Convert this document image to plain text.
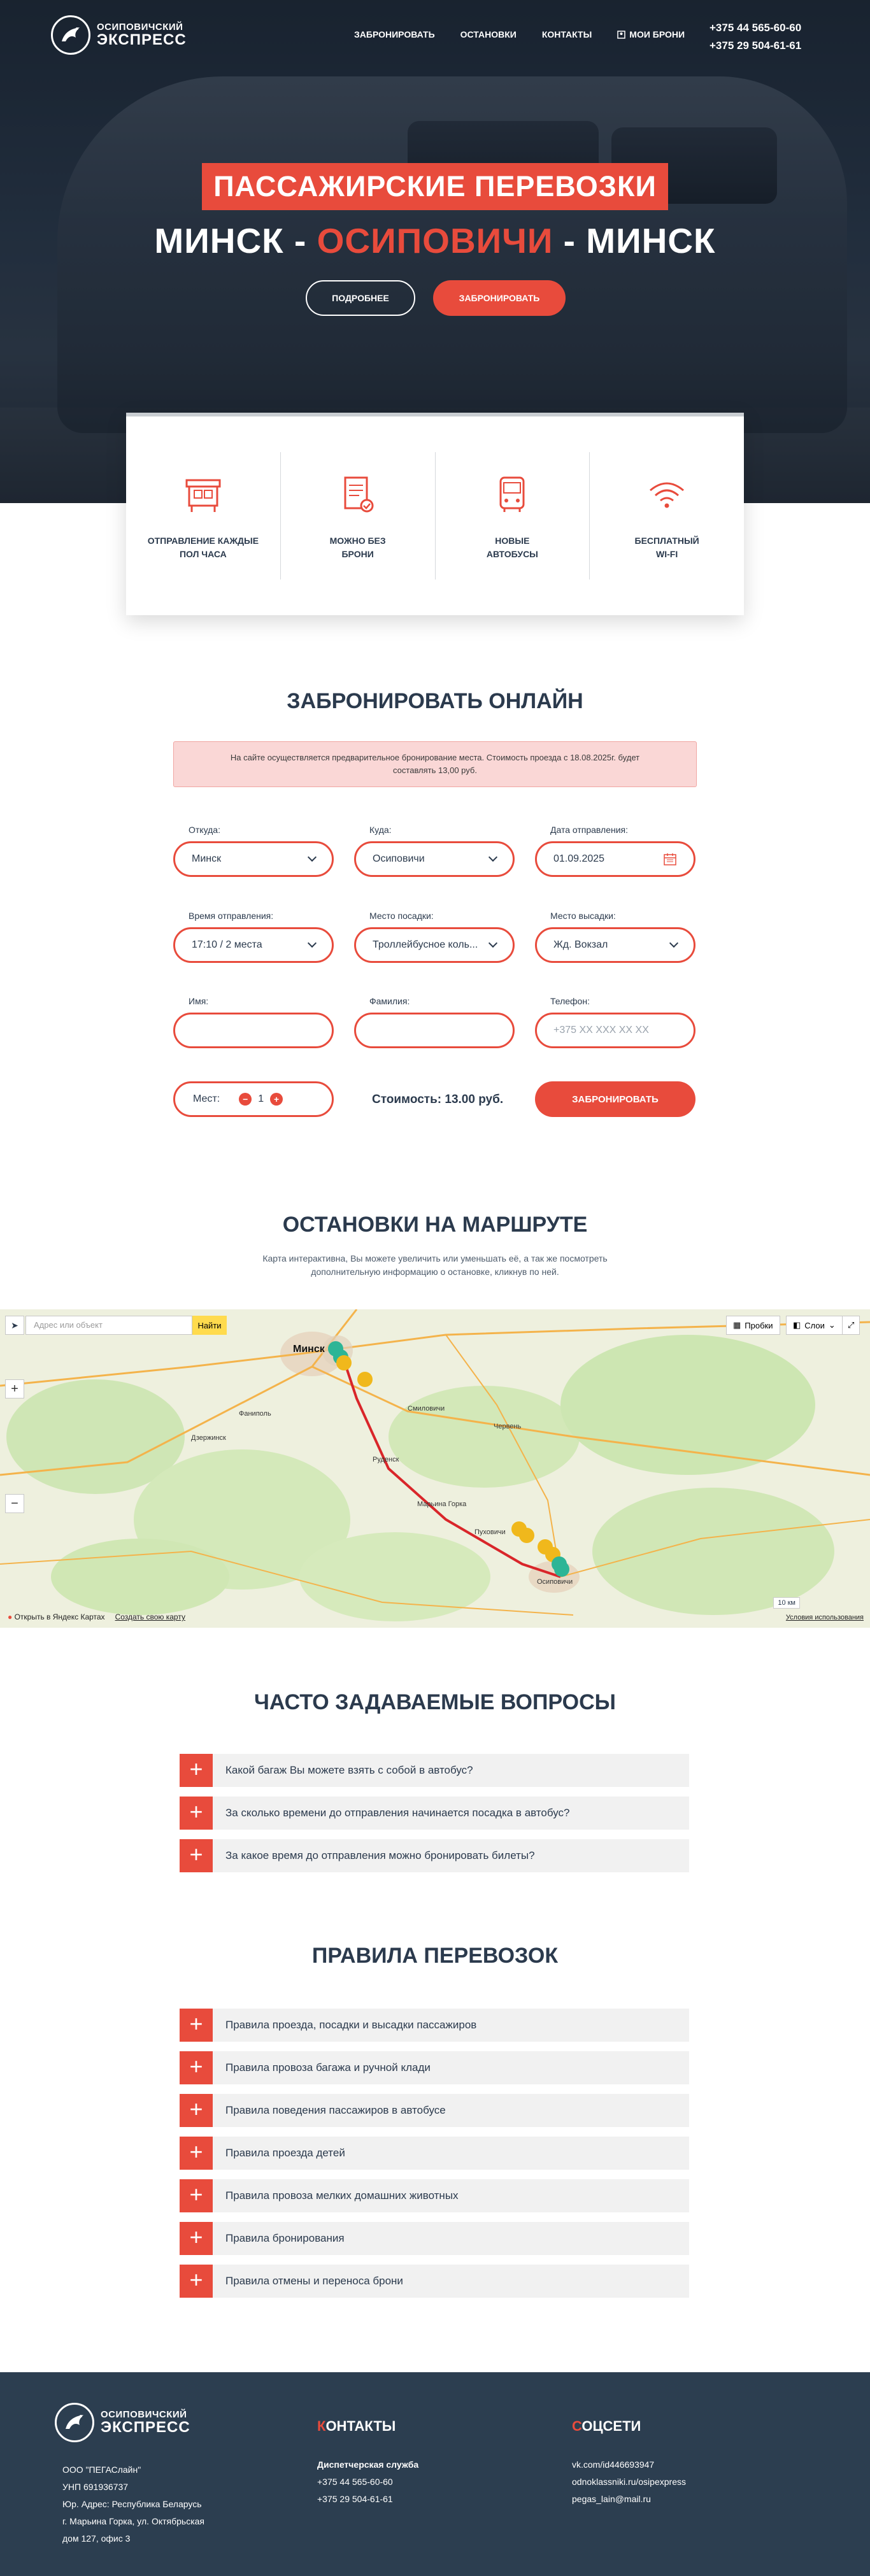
ОСИПОВИЧСКИЙ
ЭКСПРЕСС	ЗАБРОНИРОВАТЬ	ОСТАНОВКИ	КОНТАКТЫ	МОИ БРОНИ
+375 44 565-60-60
+375 29 504-61-61
ПАССАЖИРСКИЕ ПЕРЕВОЗКИ
МИНСК - ОСИПОВИЧИ - МИНСК
ПОДРОБНЕЕ	ЗАБРОНИРОВАТЬ
ОТПРАВЛЕНИЕ КАЖДЫЕ
ПОЛ ЧАСА
МОЖНО БЕЗ
БРОНИ
НОВЫЕ
АВТОБУСЫ
БЕСПЛАТНЫЙ
WI-FI
ЗАБРОНИРОВАТЬ ОНЛАЙН
На сайте осуществляется предварительное бронирование места. Стоимость проезда с 18.08.2025г. будет составлять 13,00 руб.
Откуда:
Минск
Куда:
Осиповичи
Дата отправления:
01.09.2025
Время отправления:
17:10 / 2 места
Место посадки:
Троллейбусное коль...
Место высадки:
Жд. Вокзал
Имя:	Фамилия:	Телефон:
+375 XX XXX XX XX
Мест:	− 1	+	Стоимость: 13.00 руб.	ЗАБРОНИРОВАТЬ
ОСТАНОВКИ НА МАРШРУТЕ
Карта интерактивна, Вы можете увеличить или уменьшать её, а так же посмотреть
дополнительную информацию о остановке, кликнув по ней.
Минск
Осиповичи
Марьина Горка
Смиловичи
Фаниполь
Дзержинск
Червень
Руденск
Пуховичи
➤	Адрес или объект	Найти	▦ Пробки ◧ Слои ⌄	⤢
+
−
● Открыть в Яндекс Картах Создать свою карту
10 км
Условия использования
ЧАСТО ЗАДАВАЕМЫЕ ВОПРОСЫ
+ Какой багаж Вы можете взять с собой в автобус?
+ За сколько времени до отправления начинается посадка в автобус?
+ За какое время до отправления можно бронировать билеты?
ПРАВИЛА ПЕРЕВОЗОК
+ Правила проезда, посадки и высадки пассажиров
+ Правила провоза багажа и ручной клади
+ Правила поведения пассажиров в автобусе
+ Правила проезда детей
+ Правила провоза мелких домашних животных
+ Правила бронирования
+ Правила отмены и переноса брони
ОСИПОВИЧСКИЙ
ЭКСПРЕСС
ООО "ПЕГАСлайн"
УНП 691936737
Юр. Адрес: Республика Беларусь
г. Марьина Горка, ул. Октябрьская
дом 127, офис 3
КОНТАКТЫ
Диспетчерская служба
+375 44 565-60-60
+375 29 504-61-61
СОЦСЕТИ
vk.com/id446693947
odnoklassniki.ru/osipexpress
pegas_lain@mail.ru
